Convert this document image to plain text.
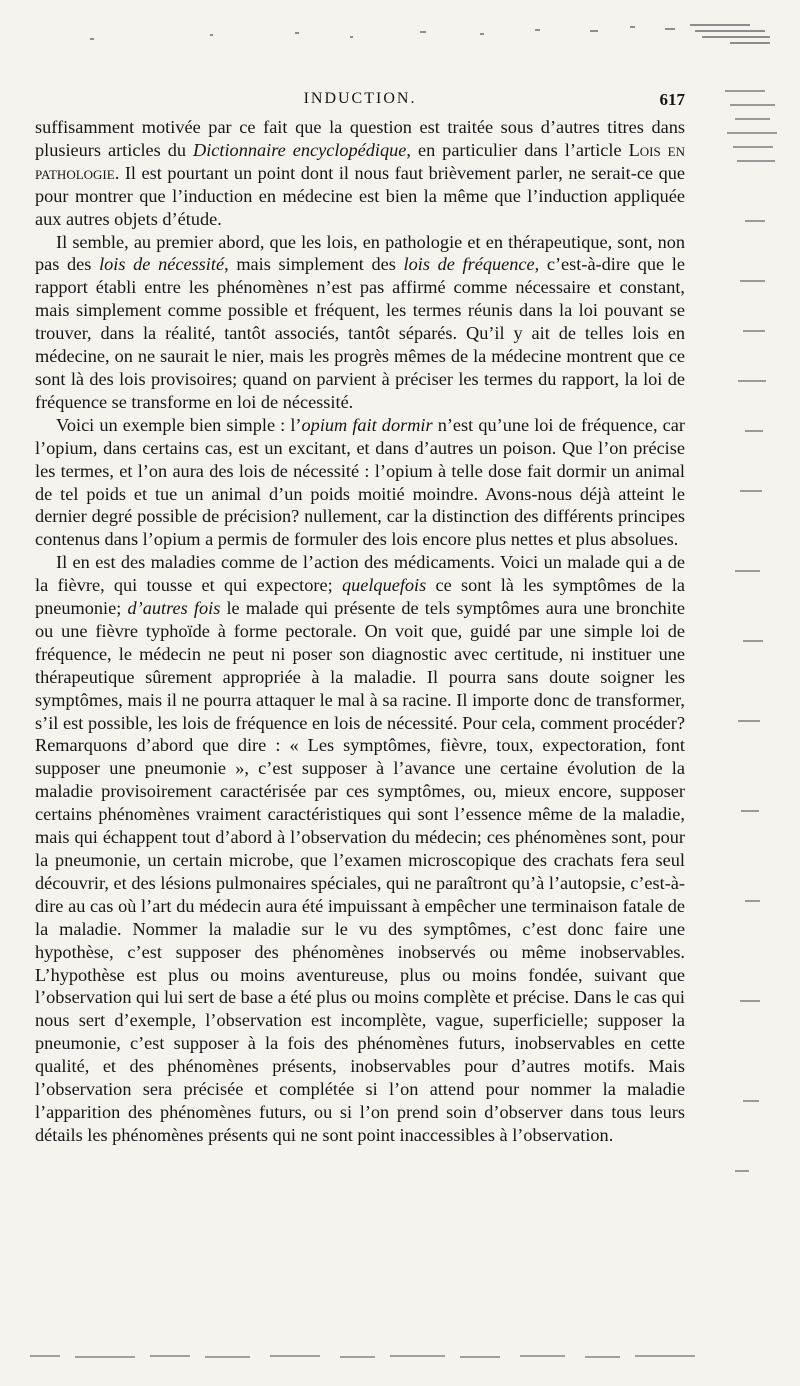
INDUCTION.	617

suffisamment motivée par ce fait que la question est traitée sous d’autres titres dans plusieurs articles du Dictionnaire encyclopédique, en particulier dans l’article Lois en pathologie. Il est pourtant un point dont il nous faut brièvement parler, ne serait-ce que pour montrer que l’induction en médecine est bien la même que l’induction appliquée aux autres objets d’étude.

Il semble, au premier abord, que les lois, en pathologie et en thérapeutique, sont, non pas des lois de nécessité, mais simplement des lois de fréquence, c’est-à-dire que le rapport établi entre les phénomènes n’est pas affirmé comme nécessaire et constant, mais simplement comme possible et fréquent, les termes réunis dans la loi pouvant se trouver, dans la réalité, tantôt associés, tantôt séparés. Qu’il y ait de telles lois en médecine, on ne saurait le nier, mais les progrès mêmes de la médecine montrent que ce sont là des lois provisoires; quand on parvient à préciser les termes du rapport, la loi de fréquence se transforme en loi de nécessité.

Voici un exemple bien simple : l’opium fait dormir n’est qu’une loi de fréquence, car l’opium, dans certains cas, est un excitant, et dans d’autres un poison. Que l’on précise les termes, et l’on aura des lois de nécessité : l’opium à telle dose fait dormir un animal de tel poids et tue un animal d’un poids moitié moindre. Avons-nous déjà atteint le dernier degré possible de précision? nullement, car la distinction des différents principes contenus dans l’opium a permis de formuler des lois encore plus nettes et plus absolues.

Il en est des maladies comme de l’action des médicaments. Voici un malade qui a de la fièvre, qui tousse et qui expectore; quelquefois ce sont là les symptômes de la pneumonie; d’autres fois le malade qui présente de tels symptômes aura une bronchite ou une fièvre typhoïde à forme pectorale. On voit que, guidé par une simple loi de fréquence, le médecin ne peut ni poser son diagnostic avec certitude, ni instituer une thérapeutique sûrement appropriée à la maladie. Il pourra sans doute soigner les symptômes, mais il ne pourra attaquer le mal à sa racine. Il importe donc de transformer, s’il est possible, les lois de fréquence en lois de nécessité. Pour cela, comment procéder? Remarquons d’abord que dire : « Les symptômes, fièvre, toux, expectoration, font supposer une pneumonie », c’est supposer à l’avance une certaine évolution de la maladie provisoirement caractérisée par ces symptômes, ou, mieux encore, supposer certains phénomènes vraiment caractéristiques qui sont l’essence même de la maladie, mais qui échappent tout d’abord à l’observation du médecin; ces phénomènes sont, pour la pneumonie, un certain microbe, que l’examen microscopique des crachats fera seul découvrir, et des lésions pulmonaires spéciales, qui ne paraîtront qu’à l’autopsie, c’est-à-dire au cas où l’art du médecin aura été impuissant à empêcher une terminaison fatale de la maladie. Nommer la maladie sur le vu des symptômes, c’est donc faire une hypothèse, c’est supposer des phénomènes inobservés ou même inobservables. L’hypothèse est plus ou moins aventureuse, plus ou moins fondée, suivant que l’observation qui lui sert de base a été plus ou moins complète et précise. Dans le cas qui nous sert d’exemple, l’observation est incomplète, vague, superficielle; supposer la pneumonie, c’est supposer à la fois des phénomènes futurs, inobservables en cette qualité, et des phénomènes présents, inobservables pour d’autres motifs. Mais l’observation sera précisée et complétée si l’on attend pour nommer la maladie l’apparition des phénomènes futurs, ou si l’on prend soin d’observer dans tous leurs détails les phénomènes présents qui ne sont point inaccessibles à l’observation.
